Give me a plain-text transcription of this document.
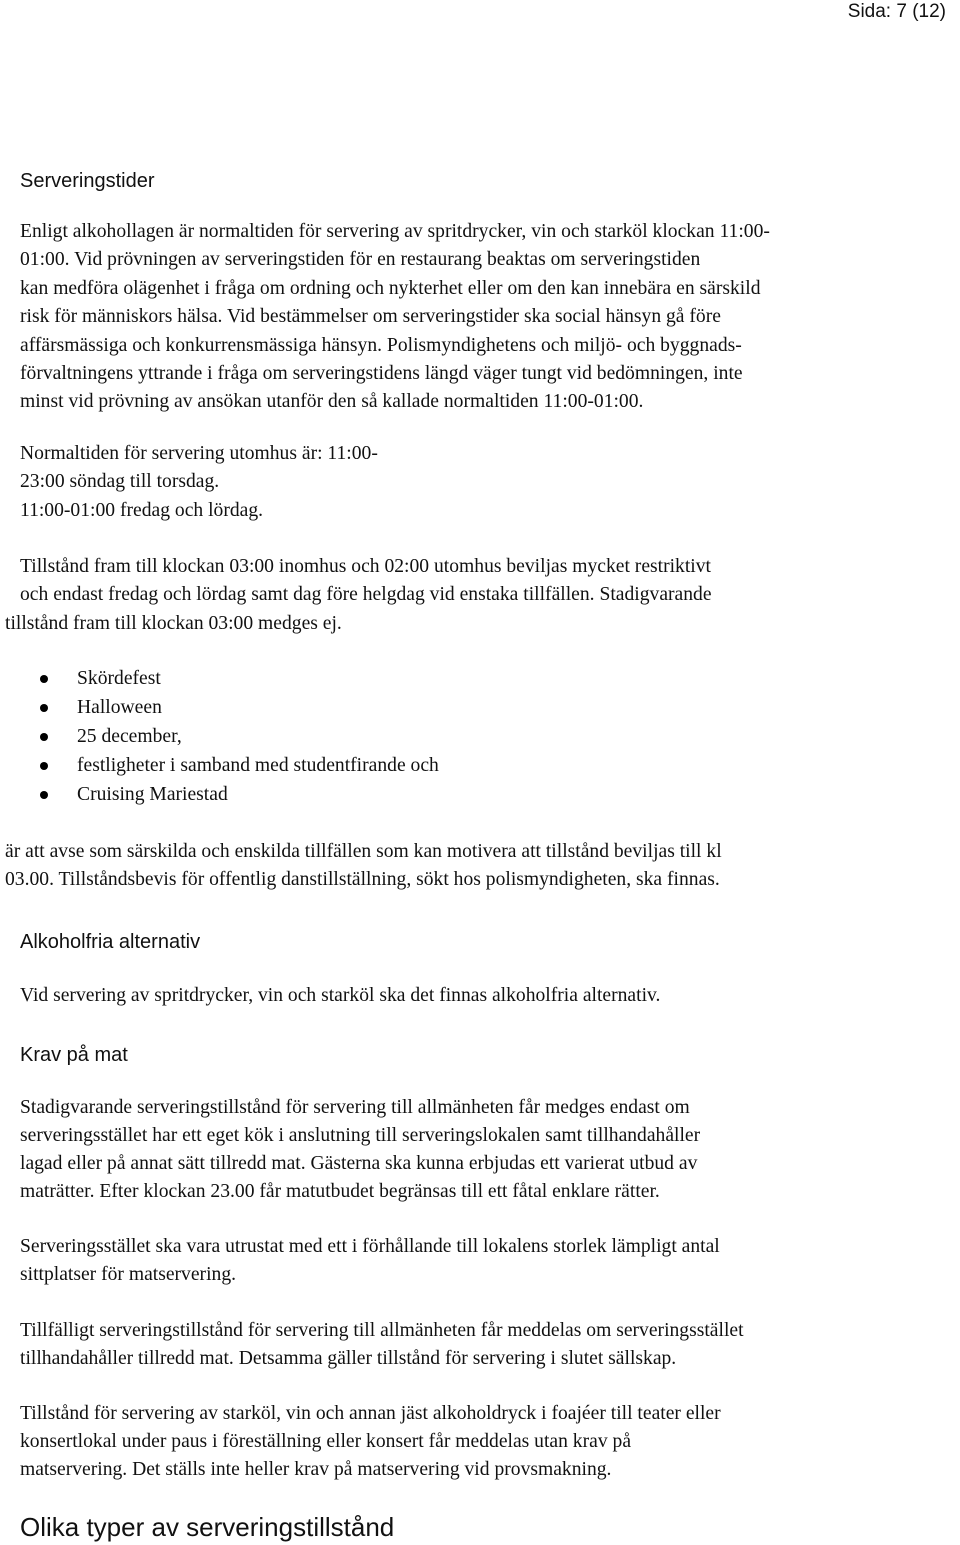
Sida: 7 (12)
Serveringstider

Enligt alkohollagen är normaltiden för servering av spritdrycker, vin och starköl klockan 11:00-
01:00. Vid prövningen av serveringstiden för en restaurang beaktas om serveringstiden
kan medföra olägenhet i fråga om ordning och nykterhet eller om den kan innebära en särskild
risk för människors hälsa. Vid bestämmelser om serveringstider ska social hänsyn gå före
affärsmässiga och konkurrensmässiga hänsyn. Polismyndighetens och miljö- och byggnads-
förvaltningens yttrande i fråga om serveringstidens längd väger tungt vid bedömningen, inte
minst vid prövning av ansökan utanför den så kallade normaltiden 11:00-01:00.

Normaltiden för servering utomhus är: 11:00-
23:00 söndag till torsdag.
11:00-01:00 fredag och lördag.

Tillstånd fram till klockan 03:00 inomhus och 02:00 utomhus beviljas mycket restriktivt
och endast fredag och lördag samt dag före helgdag vid enstaka tillfällen. Stadigvarande
tillstånd fram till klockan 03:00 medges ej.

Skördefest
Halloween
25 december,
festligheter i samband med studentfirande och
Cruising Mariestad

är att avse som särskilda och enskilda tillfällen som kan motivera att tillstånd beviljas till kl
03.00. Tillståndsbevis för offentlig danstillställning, sökt hos polismyndigheten, ska finnas.

Alkoholfria alternativ

Vid servering av spritdrycker, vin och starköl ska det finnas alkoholfria alternativ.

Krav på mat

Stadigvarande serveringstillstånd för servering till allmänheten får medges endast om
serveringsstället har ett eget kök i anslutning till serveringslokalen samt tillhandahåller
lagad eller på annat sätt tillredd mat. Gästerna ska kunna erbjudas ett varierat utbud av
maträtter. Efter klockan 23.00 får matutbudet begränsas till ett fåtal enklare rätter.

Serveringsstället ska vara utrustat med ett i förhållande till lokalens storlek lämpligt antal
sittplatser för matservering.

Tillfälligt serveringstillstånd för servering till allmänheten får meddelas om serveringsstället
tillhandahåller tillredd mat. Detsamma gäller tillstånd för servering i slutet sällskap.

Tillstånd för servering av starköl, vin och annan jäst alkoholdryck i foajéer till teater eller
konsertlokal under paus i föreställning eller konsert får meddelas utan krav på
matservering. Det ställs inte heller krav på matservering vid provsmakning.

Olika typer av serveringstillstånd
